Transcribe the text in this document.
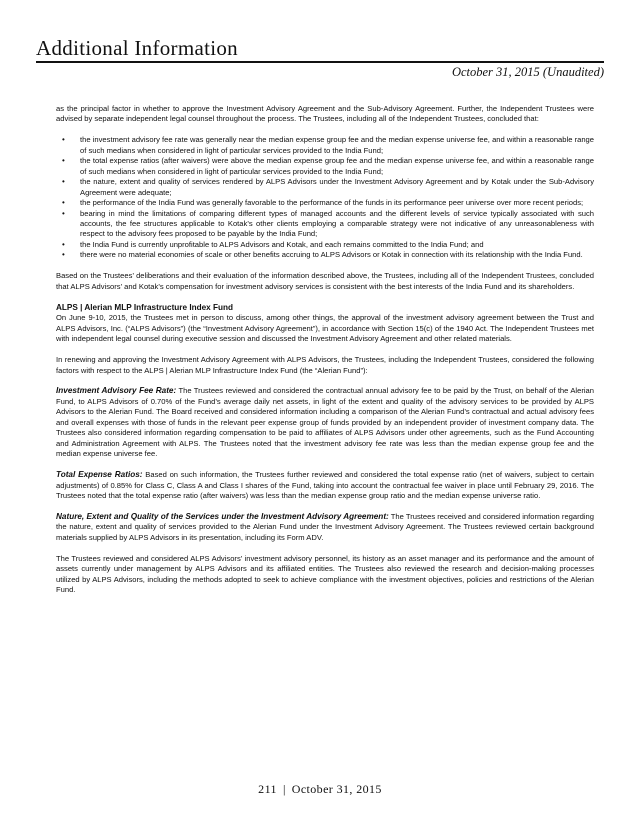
Additional Information
October 31, 2015 (Unaudited)

as the principal factor in whether to approve the Investment Advisory Agreement and the Sub-Advisory Agreement. Further, the Independent Trustees were advised by separate independent legal counsel throughout the process. The Trustees, including all of the Independent Trustees, concluded that:

• the investment advisory fee rate was generally near the median expense group fee and the median expense universe fee, and within a reasonable range of such medians when considered in light of particular services provided to the India Fund;
• the total expense ratios (after waivers) were above the median expense group fee and the median expense universe fee, and within a reasonable range of such medians when considered in light of particular services provided to the India Fund;
• the nature, extent and quality of services rendered by ALPS Advisors under the Investment Advisory Agreement and by Kotak under the Sub-Advisory Agreement were adequate;
• the performance of the India Fund was generally favorable to the performance of the funds in its performance peer universe over more recent periods;
• bearing in mind the limitations of comparing different types of managed accounts and the different levels of service typically associated with such accounts, the fee structures applicable to Kotak’s other clients employing a comparable strategy were not indicative of any unreasonableness with respect to the advisory fees proposed to be payable by the India Fund;
• the India Fund is currently unprofitable to ALPS Advisors and Kotak, and each remains committed to the India Fund; and
• there were no material economies of scale or other benefits accruing to ALPS Advisors or Kotak in connection with its relationship with the India Fund.

Based on the Trustees’ deliberations and their evaluation of the information described above, the Trustees, including all of the Independent Trustees, concluded that ALPS Advisors’ and Kotak’s compensation for investment advisory services is consistent with the best interests of the India Fund and its shareholders.

ALPS | Alerian MLP Infrastructure Index Fund

On June 9-10, 2015, the Trustees met in person to discuss, among other things, the approval of the investment advisory agreement between the Trust and ALPS Advisors, Inc. (“ALPS Advisors”) (the “Investment Advisory Agreement”), in accordance with Section 15(c) of the 1940 Act. The Independent Trustees met with independent legal counsel during executive session and discussed the Investment Advisory Agreement and other related materials.

In renewing and approving the Investment Advisory Agreement with ALPS Advisors, the Trustees, including the Independent Trustees, considered the following factors with respect to the ALPS | Alerian MLP Infrastructure Index Fund (the “Alerian Fund”):

Investment Advisory Fee Rate: The Trustees reviewed and considered the contractual annual advisory fee to be paid by the Trust, on behalf of the Alerian Fund, to ALPS Advisors of 0.70% of the Fund’s average daily net assets, in light of the extent and quality of the advisory services to be provided by ALPS Advisors to the Alerian Fund. The Board received and considered information including a comparison of the Alerian Fund’s contractual and actual advisory fees and overall expenses with those of funds in the relevant peer expense group of funds provided by an independent provider of investment company data. The Trustees also considered information regarding compensation to be paid to affiliates of ALPS Advisors under other agreements, such as the Fund Accounting and Administration Agreement with ALPS. The Trustees noted that the investment advisory fee rate was less than the median expense group fee and the median expense universe fee.

Total Expense Ratios: Based on such information, the Trustees further reviewed and considered the total expense ratio (net of waivers, subject to certain adjustments) of 0.85% for Class C, Class A and Class I shares of the Fund, taking into account the contractual fee waiver in place until February 29, 2016. The Trustees noted that the total expense ratio (after waivers) was less than the median expense group ratio and the median expense universe ratio.

Nature, Extent and Quality of the Services under the Investment Advisory Agreement: The Trustees received and considered information regarding the nature, extent and quality of services provided to the Alerian Fund under the Investment Advisory Agreement. The Trustees reviewed certain background materials supplied by ALPS Advisors in its presentation, including its Form ADV.

The Trustees reviewed and considered ALPS Advisors’ investment advisory personnel, its history as an asset manager and its performance and the amount of assets currently under management by ALPS Advisors and its affiliated entities. The Trustees also reviewed the research and decision-making processes utilized by ALPS Advisors, including the methods adopted to seek to achieve compliance with the investment objectives, policies and restrictions of the Alerian Fund.

211 | October 31, 2015
